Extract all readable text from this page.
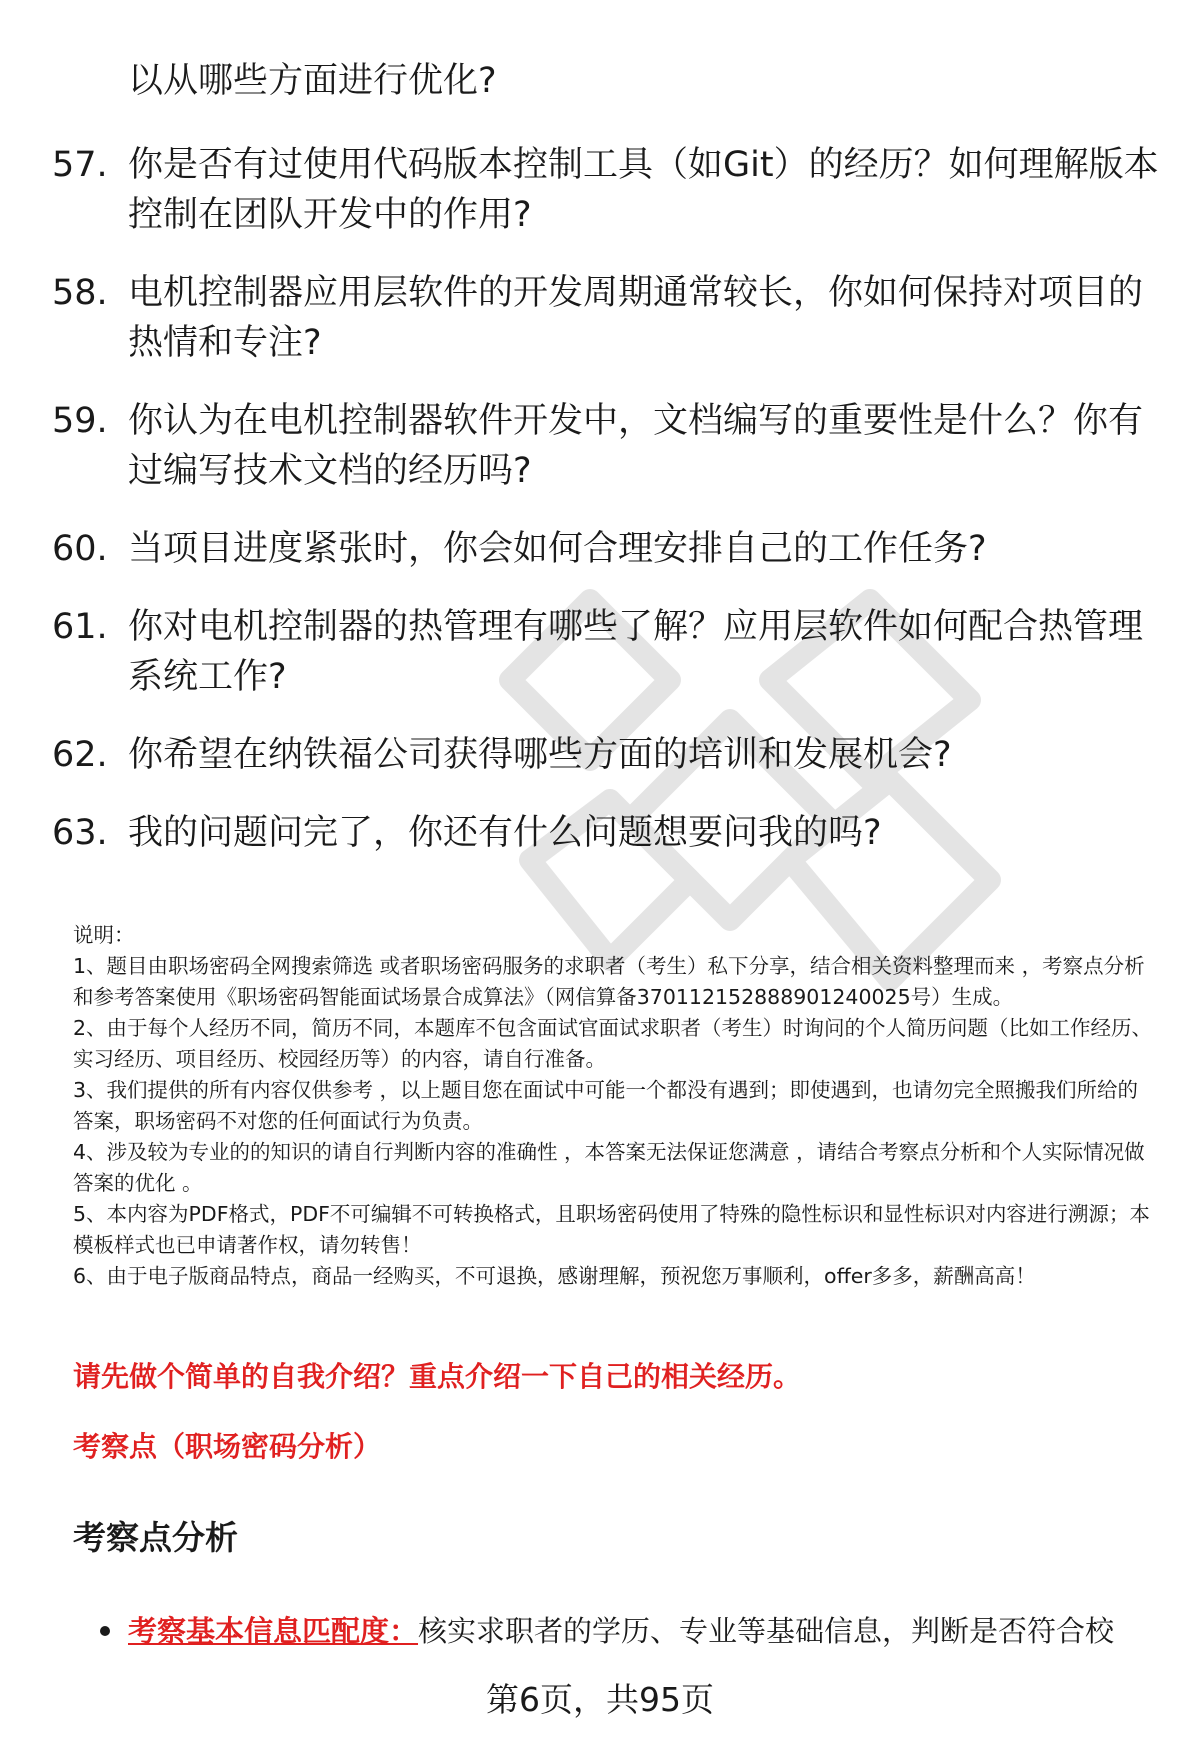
以从哪些方面进行优化?
57. 你是否有过使用代码版本控制工具（如Git）的经历？如何理解版本控制在团队开发中的作用?
58. 电机控制器应用层软件的开发周期通常较长，你如何保持对项目的热情和专注?
59. 你认为在电机控制器软件开发中，文档编写的重要性是什么？你有过编写技术文档的经历吗?
60. 当项目进度紧张时，你会如何合理安排自己的工作任务?
61. 你对电机控制器的热管理有哪些了解？应用层软件如何配合热管理系统工作?
62. 你希望在纳铁福公司获得哪些方面的培训和发展机会?
63. 我的问题问完了，你还有什么问题想要问我的吗?
说明：
1、题目由职场密码全网搜索筛选 或者职场密码服务的求职者（考生）私下分享，结合相关资料整理而来 ，考察点分析和参考答案使用《职场密码智能面试场景合成算法》（网信算备370112152888901240025号）生成。
2、由于每个人经历不同，简历不同，本题库不包含面试官面试求职者（考生）时询问的个人简历问题（比如工作经历、实习经历、项目经历、校园经历等）的内容，请自行准备。
3、我们提供的所有内容仅供参考 ，以上题目您在面试中可能一个都没有遇到；即使遇到，也请勿完全照搬我们所给的答案，职场密码不对您的任何面试行为负责。
4、涉及较为专业的的知识的请自行判断内容的准确性 ，本答案无法保证您满意 ，请结合考察点分析和个人实际情况做答案的优化 。
5、本内容为PDF格式，PDF不可编辑不可转换格式，且职场密码使用了特殊的隐性标识和显性标识对内容进行溯源；本模板样式也已申请著作权，请勿转售！
6、由于电子版商品特点，商品一经购买，不可退换，感谢理解，预祝您万事顺利，offer多多，薪酬高高！
请先做个简单的自我介绍？重点介绍一下自己的相关经历。
考察点（职场密码分析）
考察点分析
考察基本信息匹配度：核实求职者的学历、专业等基础信息，判断是否符合校
第6页，共95页
